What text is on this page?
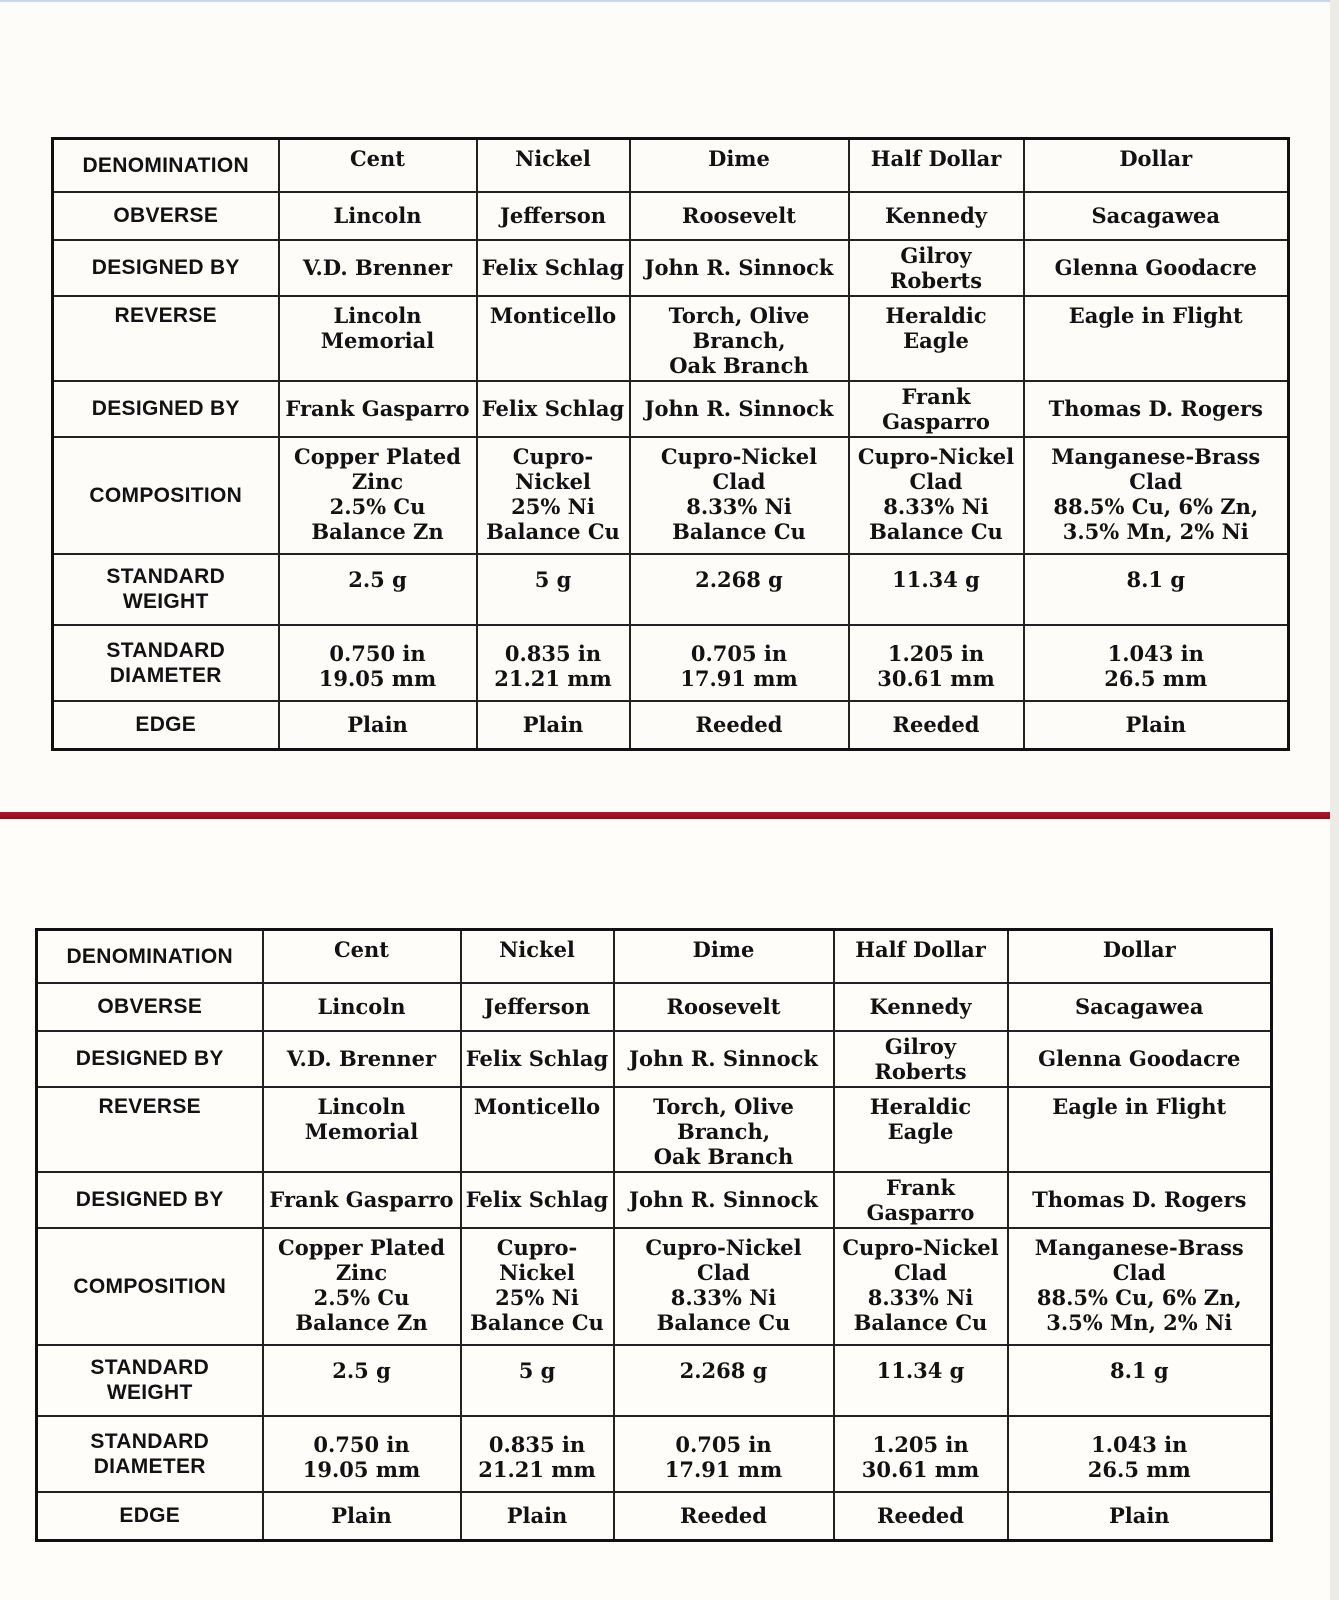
DENOMINATION	Cent	Nickel	Dime	Half Dollar	Dollar
OBVERSE	Lincoln	Jefferson	Roosevelt	Kennedy	Sacagawea
DESIGNED BY	V.D. Brenner	Felix Schlag	John R. Sinnock	Gilroy Roberts	Glenna Goodacre
REVERSE	Lincoln Memorial	Monticello	Torch, Olive Branch,
Oak Branch	Heraldic Eagle	Eagle in Flight
DESIGNED BY	Frank Gasparro	Felix Schlag	John R. Sinnock	Frank Gasparro	Thomas D. Rogers
COMPOSITION	Copper Plated
Zinc
2.5% Cu
Balance Zn	Cupro-Nickel
25% Ni
Balance Cu	Cupro-Nickel
Clad
8.33% Ni
Balance Cu	Cupro-Nickel
Clad
8.33% Ni
Balance Cu	Manganese-Brass
Clad
88.5% Cu, 6% Zn,
3.5% Mn, 2% Ni
STANDARD
WEIGHT	2.5 g	5 g	2.268 g	11.34 g	8.1 g
STANDARD
DIAMETER	0.750 in
19.05 mm	0.835 in
21.21 mm	0.705 in
17.91 mm	1.205 in
30.61 mm	1.043 in
26.5 mm
EDGE	Plain	Plain	Reeded	Reeded	Plain
DENOMINATION	Cent	Nickel	Dime	Half Dollar	Dollar
OBVERSE	Lincoln	Jefferson	Roosevelt	Kennedy	Sacagawea
DESIGNED BY	V.D. Brenner	Felix Schlag	John R. Sinnock	Gilroy Roberts	Glenna Goodacre
REVERSE	Lincoln Memorial	Monticello	Torch, Olive Branch,
Oak Branch	Heraldic Eagle	Eagle in Flight
DESIGNED BY	Frank Gasparro	Felix Schlag	John R. Sinnock	Frank Gasparro	Thomas D. Rogers
COMPOSITION	Copper Plated
Zinc
2.5% Cu
Balance Zn	Cupro-Nickel
25% Ni
Balance Cu	Cupro-Nickel
Clad
8.33% Ni
Balance Cu	Cupro-Nickel
Clad
8.33% Ni
Balance Cu	Manganese-Brass
Clad
88.5% Cu, 6% Zn,
3.5% Mn, 2% Ni
STANDARD
WEIGHT	2.5 g	5 g	2.268 g	11.34 g	8.1 g
STANDARD
DIAMETER	0.750 in
19.05 mm	0.835 in
21.21 mm	0.705 in
17.91 mm	1.205 in
30.61 mm	1.043 in
26.5 mm
EDGE	Plain	Plain	Reeded	Reeded	Plain
